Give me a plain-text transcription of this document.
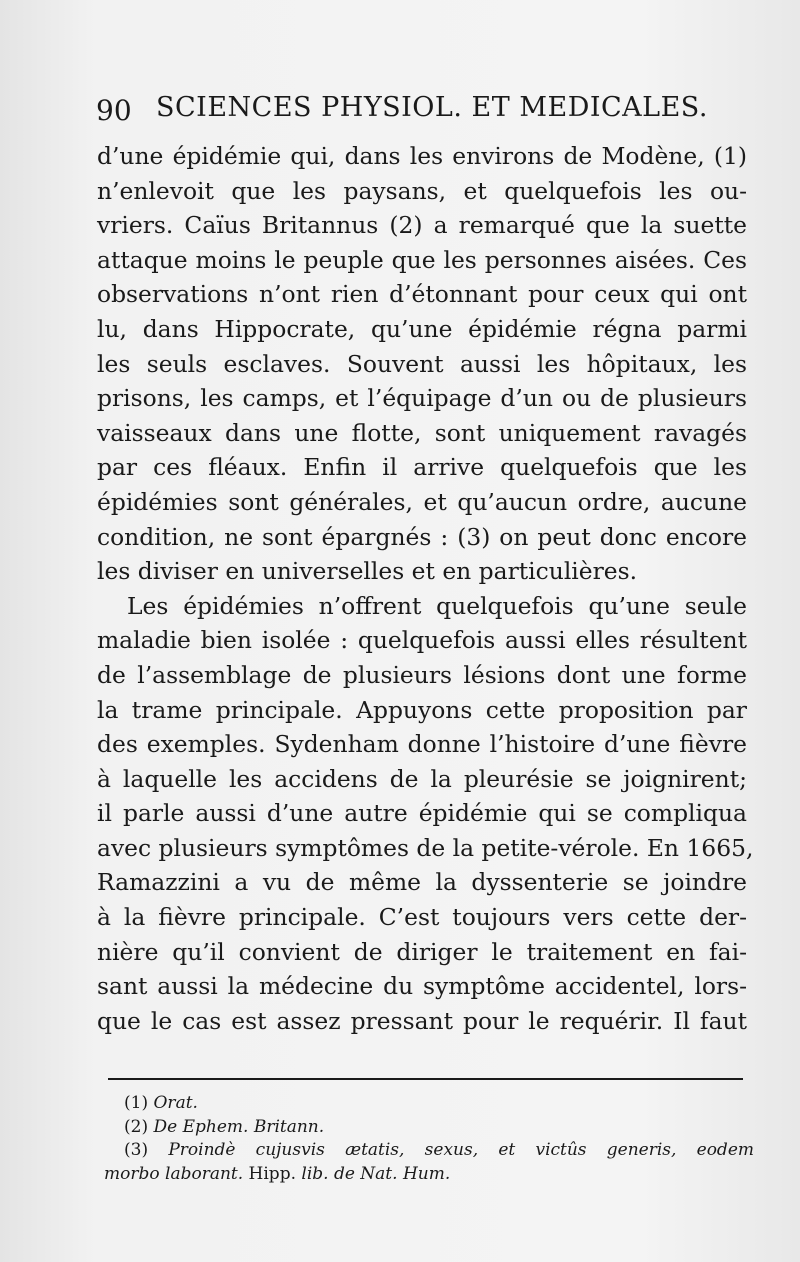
90 SCIENCES PHYSIOL. ET MEDICALES.
d’une épidémie qui, dans les environs de Modène, (1)
n’enlevoit que les paysans, et quelquefois les ou-
vriers. Caïus Britannus (2) a remarqué que la suette
attaque moins le peuple que les personnes aisées. Ces
observations n’ont rien d’étonnant pour ceux qui ont
lu, dans Hippocrate, qu’une épidémie régna parmi
les seuls esclaves. Souvent aussi les hôpitaux, les
prisons, les camps, et l’équipage d’un ou de plusieurs
vaisseaux dans une flotte, sont uniquement ravagés
par ces fléaux. Enfin il arrive quelquefois que les
épidémies sont générales, et qu’aucun ordre, aucune
condition, ne sont épargnés : (3) on peut donc encore
les diviser en universelles et en particulières.
Les épidémies n’offrent quelquefois qu’une seule
maladie bien isolée : quelquefois aussi elles résultent
de l’assemblage de plusieurs lésions dont une forme
la trame principale. Appuyons cette proposition par
des exemples. Sydenham donne l’histoire d’une fièvre
à laquelle les accidens de la pleurésie se joignirent;
il parle aussi d’une autre épidémie qui se compliqua
avec plusieurs symptômes de la petite-vérole. En 1665,
Ramazzini a vu de même la dyssenterie se joindre
à la fièvre principale. C’est toujours vers cette der-
nière qu’il convient de diriger le traitement en fai-
sant aussi la médecine du symptôme accidentel, lors-
que le cas est assez pressant pour le requérir. Il faut
(1) Orat.
(2) De Ephem. Britann.
(3) Proindè cujusvis ætatis, sexus, et victûs generis, eodem
morbo laborant. Hipp. lib. de Nat. Hum.
